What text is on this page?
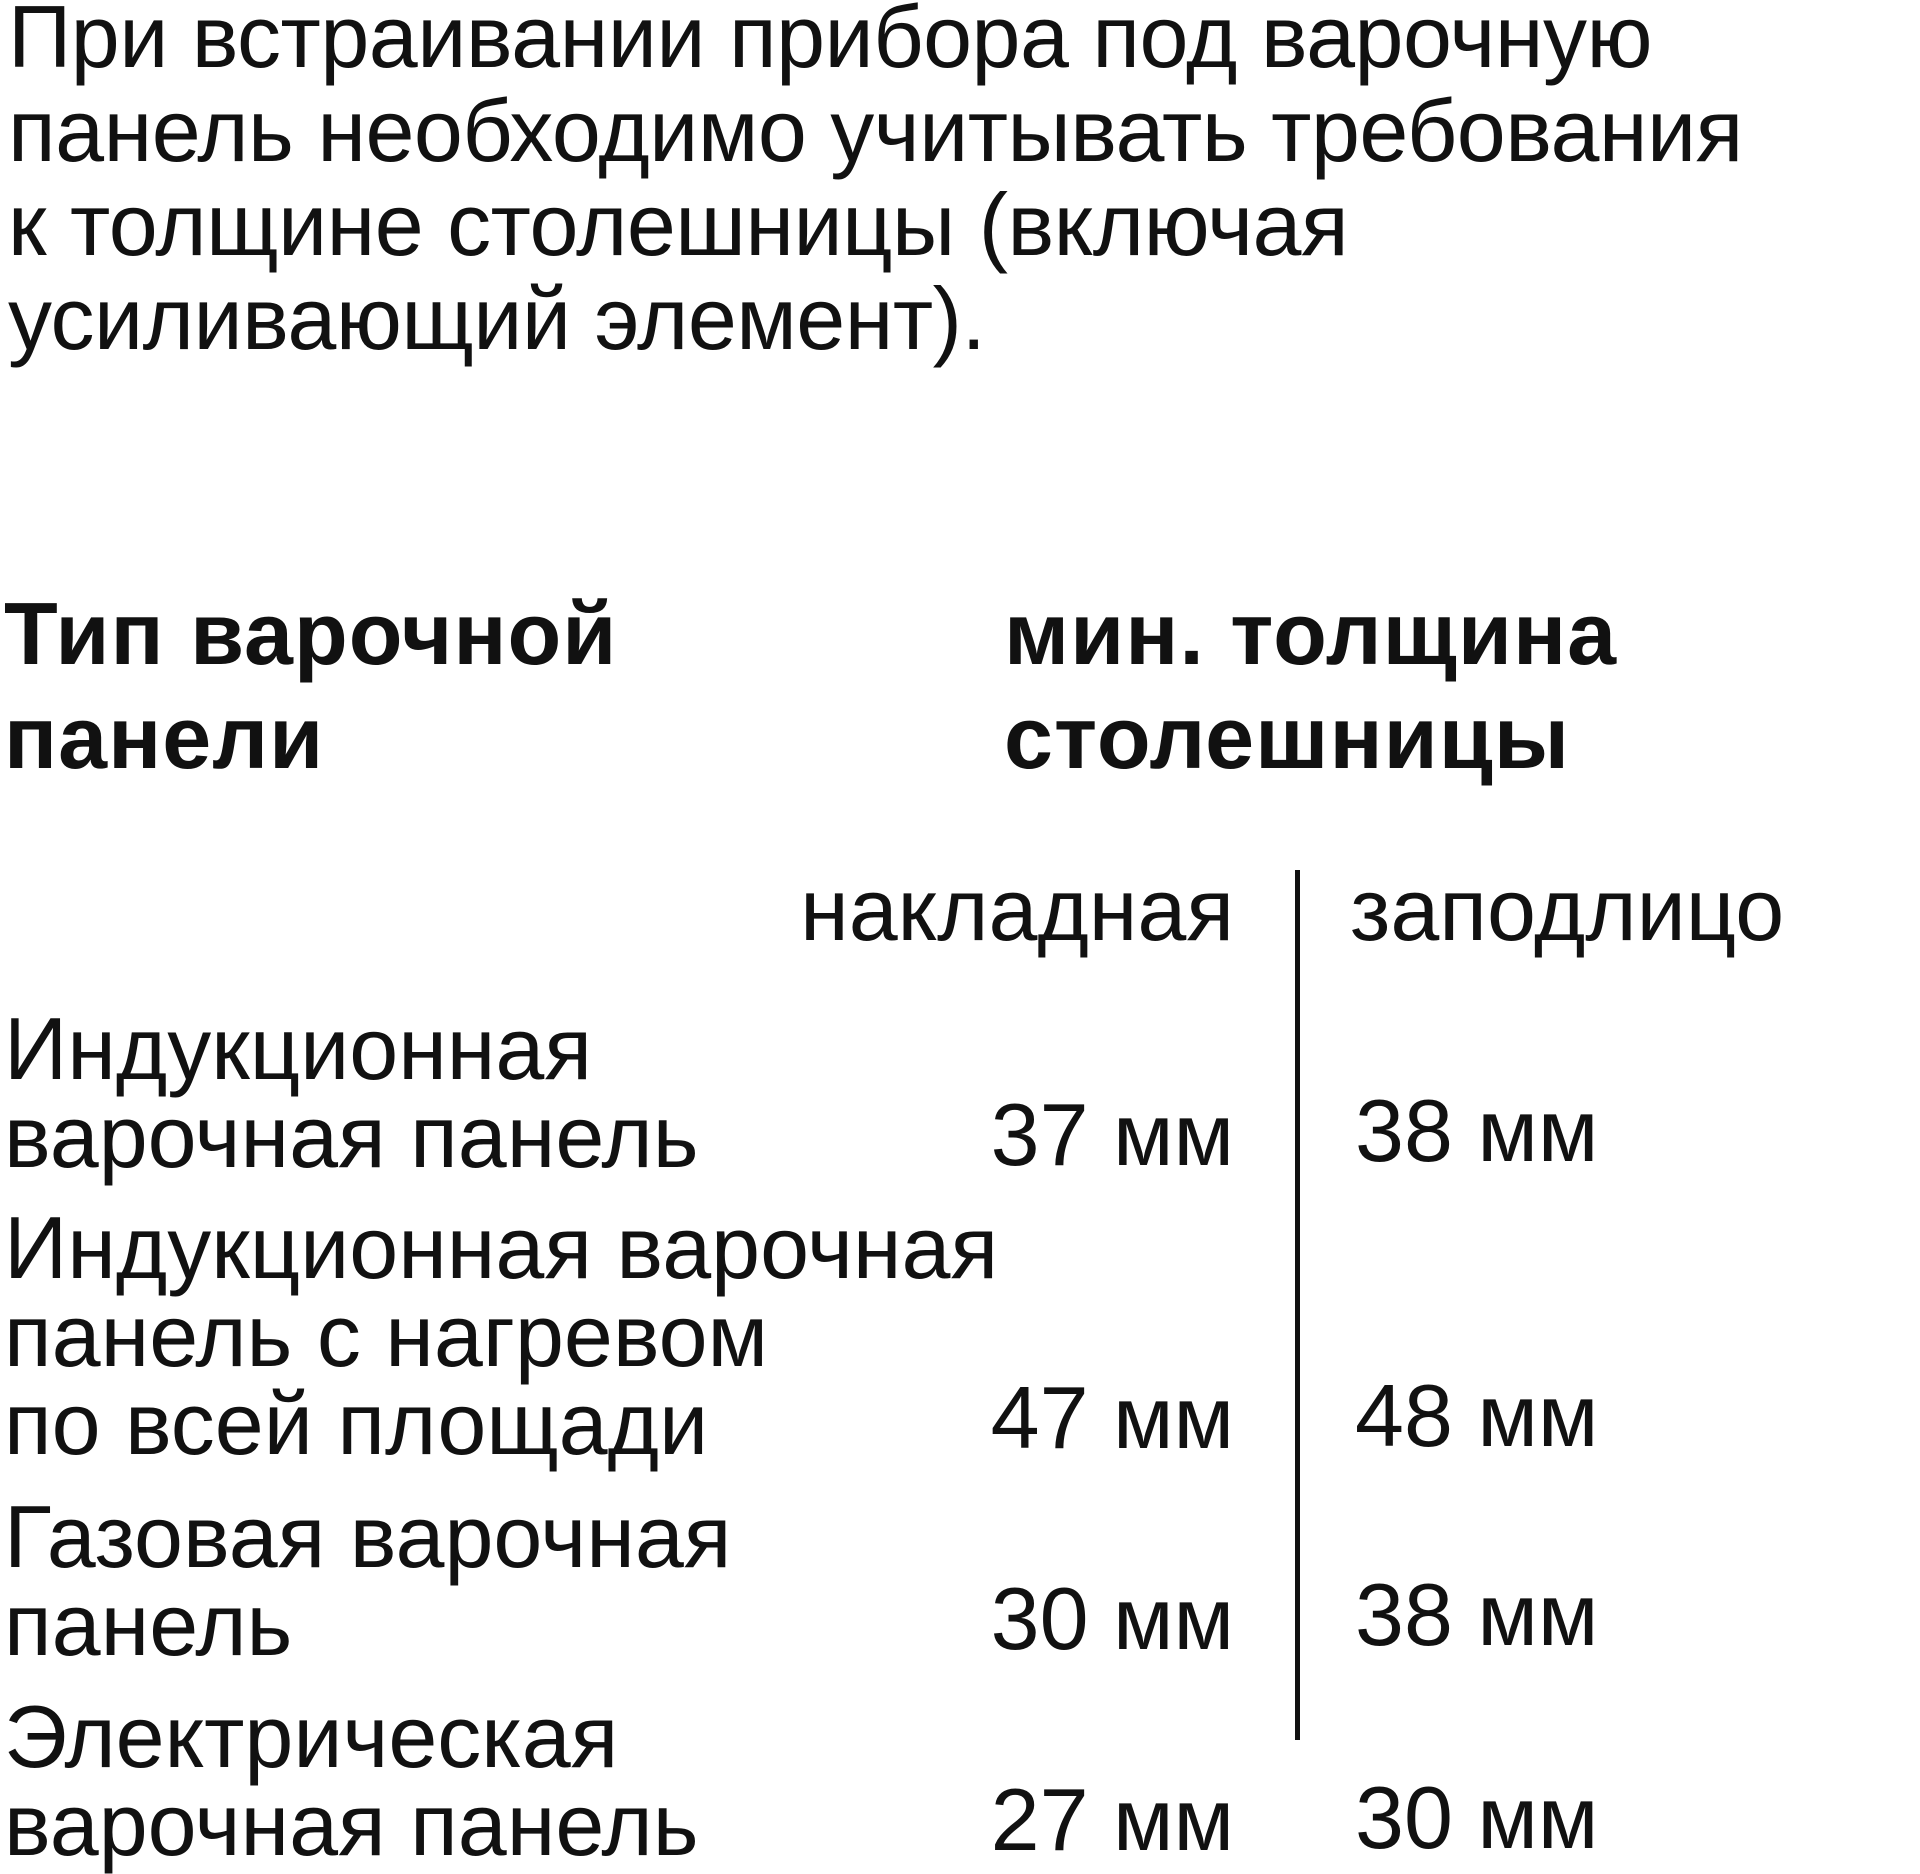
При встраивании прибора под варочную
панель необходимо учитывать требования
к толщине столешницы (включая
усиливающий элемент).
Тип варочной
панели
мин. толщина
столешницы
накладная заподлицо
Индукционная
варочная панель	37 мм 38 мм
Индукционная варочная
панель с нагревом
по всей площади	47 мм 48 мм
Газовая варочная
панель	30 мм 38 мм
Электрическая
варочная панель	27 мм 30 мм
